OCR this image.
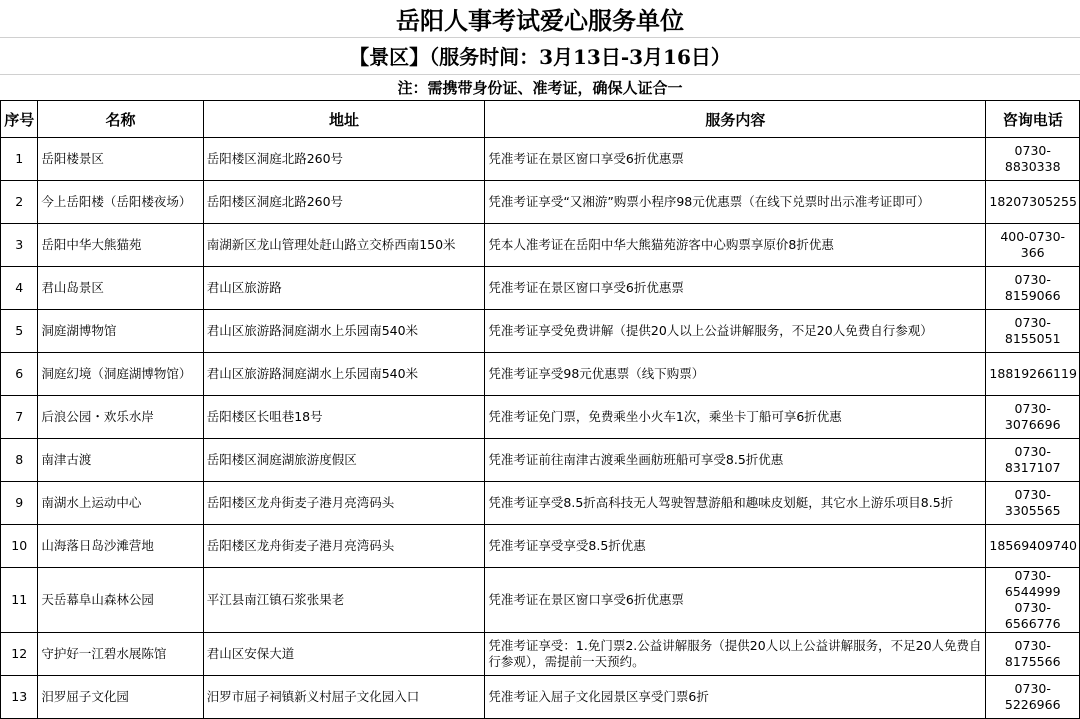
岳阳人事考试爱心服务单位
【景区】（服务时间：3月13日-3月16日）
注：需携带身份证、准考证，确保人证合一
序号	名称	地址	服务内容	咨询电话
1	岳阳楼景区	岳阳楼区洞庭北路260号	凭准考证在景区窗口享受6折优惠票	0730-8830338

2	今上岳阳楼（岳阳楼夜场）	岳阳楼区洞庭北路260号	凭准考证享受“又湘游”购票小程序98元优惠票（在线下兑票时出示准考证即可）	18207305255

3	岳阳中华大熊猫苑	南湖新区龙山管理处赶山路立交桥西南150米	凭本人准考证在岳阳中华大熊猫苑游客中心购票享原价8折优惠	400-0730-366

4	君山岛景区	君山区旅游路	凭准考证在景区窗口享受6折优惠票	0730-8159066

5	洞庭湖博物馆	君山区旅游路洞庭湖水上乐园南540米	凭准考证享受免费讲解（提供20人以上公益讲解服务，不足20人免费自行参观）	0730-8155051

6	洞庭幻境（洞庭湖博物馆）	君山区旅游路洞庭湖水上乐园南540米	凭准考证享受98元优惠票（线下购票）	18819266119

7	后浪公园・欢乐水岸	岳阳楼区长咀巷18号	凭准考证免门票，免费乘坐小火车1次，乘坐卡丁船可享6折优惠	0730-3076696

8	南津古渡	岳阳楼区洞庭湖旅游度假区	凭准考证前往南津古渡乘坐画舫班船可享受8.5折优惠	0730-8317107

9	南湖水上运动中心	岳阳楼区龙舟街麦子港月亮湾码头	凭准考证享受8.5折高科技无人驾驶智慧游船和趣味皮划艇，其它水上游乐项目8.5折	0730-3305565

10	山海落日岛沙滩营地	岳阳楼区龙舟街麦子港月亮湾码头	凭准考证享受享受8.5折优惠	18569409740

11	天岳幕阜山森林公园	平江县南江镇石浆张果老	凭准考证在景区窗口享受6折优惠票	0730-6544999
0730-6566776

12	守护好一江碧水展陈馆	君山区安保大道	凭准考证享受：1.免门票2.公益讲解服务（提供20人以上公益讲解服务，不足20人免费自行参观），需提前一天预约。	0730-8175566

13	汨罗屈子文化园	汨罗市屈子祠镇新义村屈子文化园入口	凭准考证入屈子文化园景区享受门票6折	0730-5226966
